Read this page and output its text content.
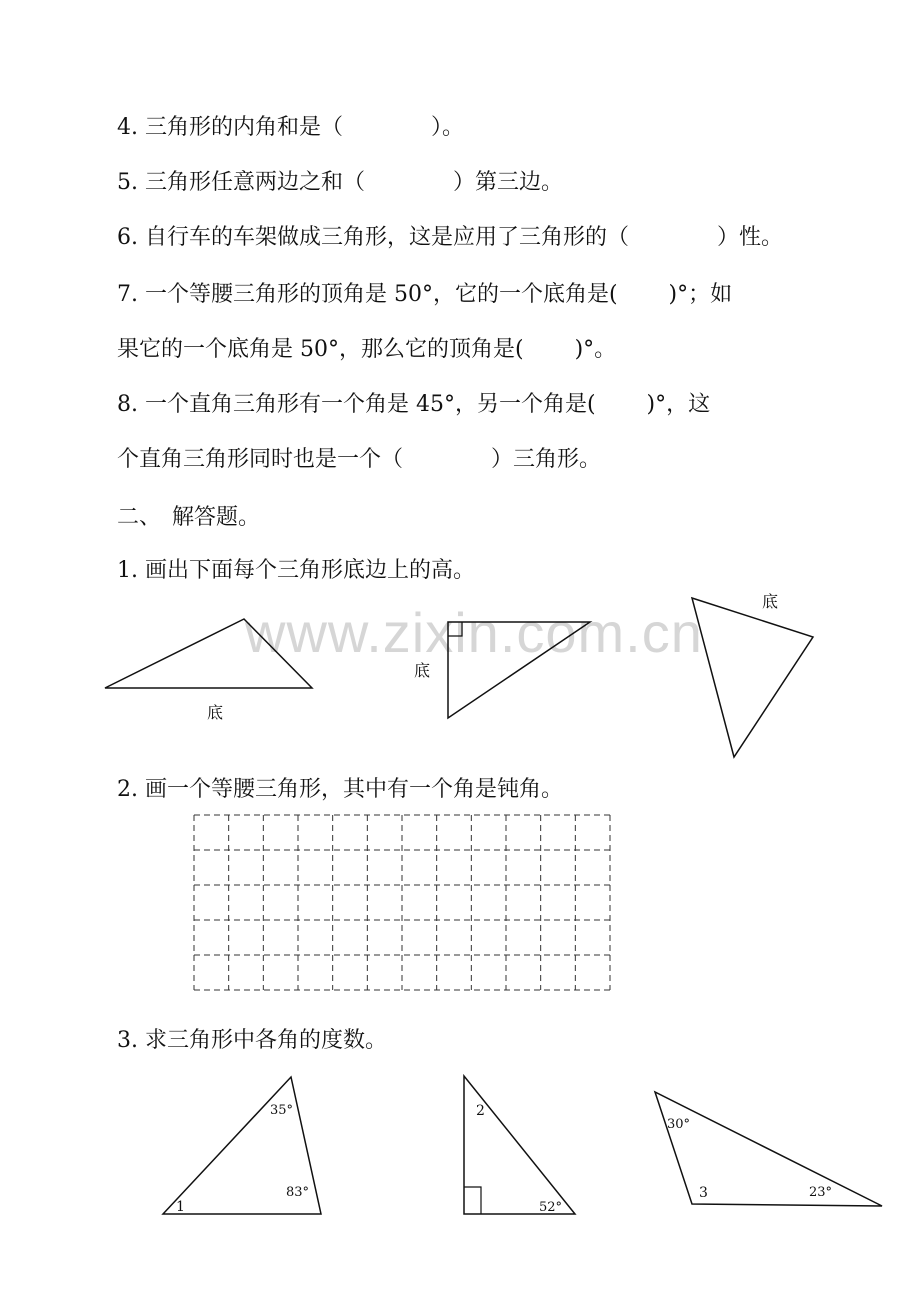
www.zixin.com.cn
4. 三角形的内角和是（　　　　）。
5. 三角形任意两边之和（　　　　）第三边。
6. 自行车的车架做成三角形，这是应用了三角形的（　　　　）性。
7. 一个等腰三角形的顶角是 50°，它的一个底角是(　　 )°；如
果它的一个底角是 50°，那么它的顶角是(　　 )°。
8. 一个直角三角形有一个角是 45°，另一个角是(　　 )°，这
个直角三角形同时也是一个（　　　　）三角形。
二、　解答题。
1. 画出下面每个三角形底边上的高。
2. 画一个等腰三角形，其中有一个角是钝角。
3. 求三角形中各角的度数。
底
底
底
35°
83°
1
2
52°
30°
3	23°
